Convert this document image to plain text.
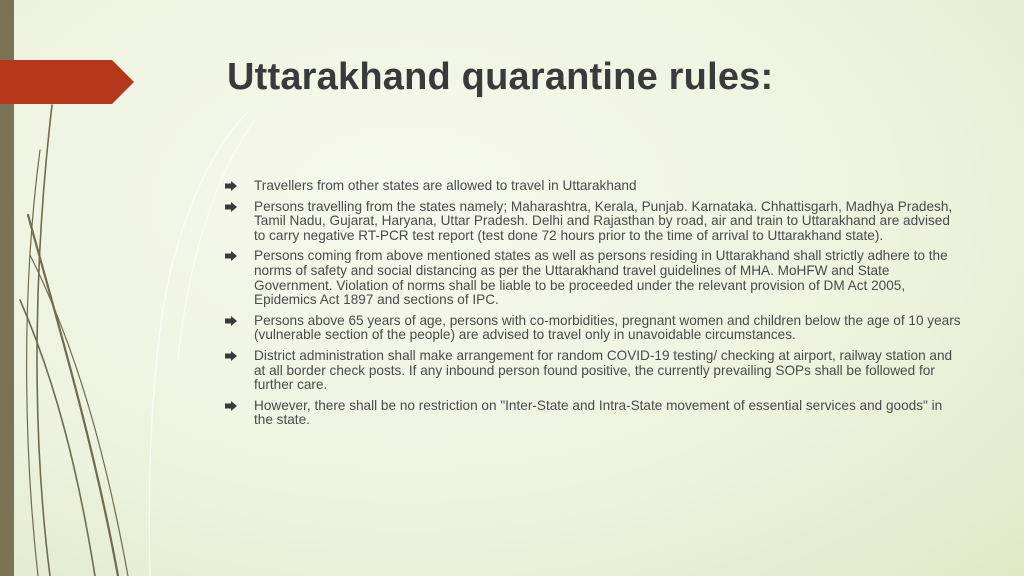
Uttarakhand quarantine rules:
Travellers from other states are allowed to travel in Uttarakhand
Persons travelling from the states namely; Maharashtra, Kerala, Punjab. Karnataka. Chhattisgarh, Madhya Pradesh, Tamil Nadu, Gujarat, Haryana, Uttar Pradesh. Delhi and Rajasthan by road, air and train to Uttarakhand are advised to carry negative RT-PCR test report (test done 72 hours prior to the time of arrival to Uttarakhand state).
Persons coming from above mentioned states as well as persons residing in Uttarakhand shall strictly adhere to the norms of safety and social distancing as per the Uttarakhand travel guidelines of MHA. MoHFW and State Government. Violation of norms shall be liable to be proceeded under the relevant provision of DM Act 2005, Epidemics Act 1897 and sections of IPC.
Persons above 65 years of age, persons with co-morbidities, pregnant women and children below the age of 10 years (vulnerable section of the people) are advised to travel only in unavoidable circumstances.
District administration shall make arrangement for random COVID-19 testing/ checking at airport, railway station and at all border check posts. If any inbound person found positive, the currently prevailing SOPs shall be followed for further care.
However, there shall be no restriction on "Inter-State and Intra-State movement of essential services and goods" in the state.
